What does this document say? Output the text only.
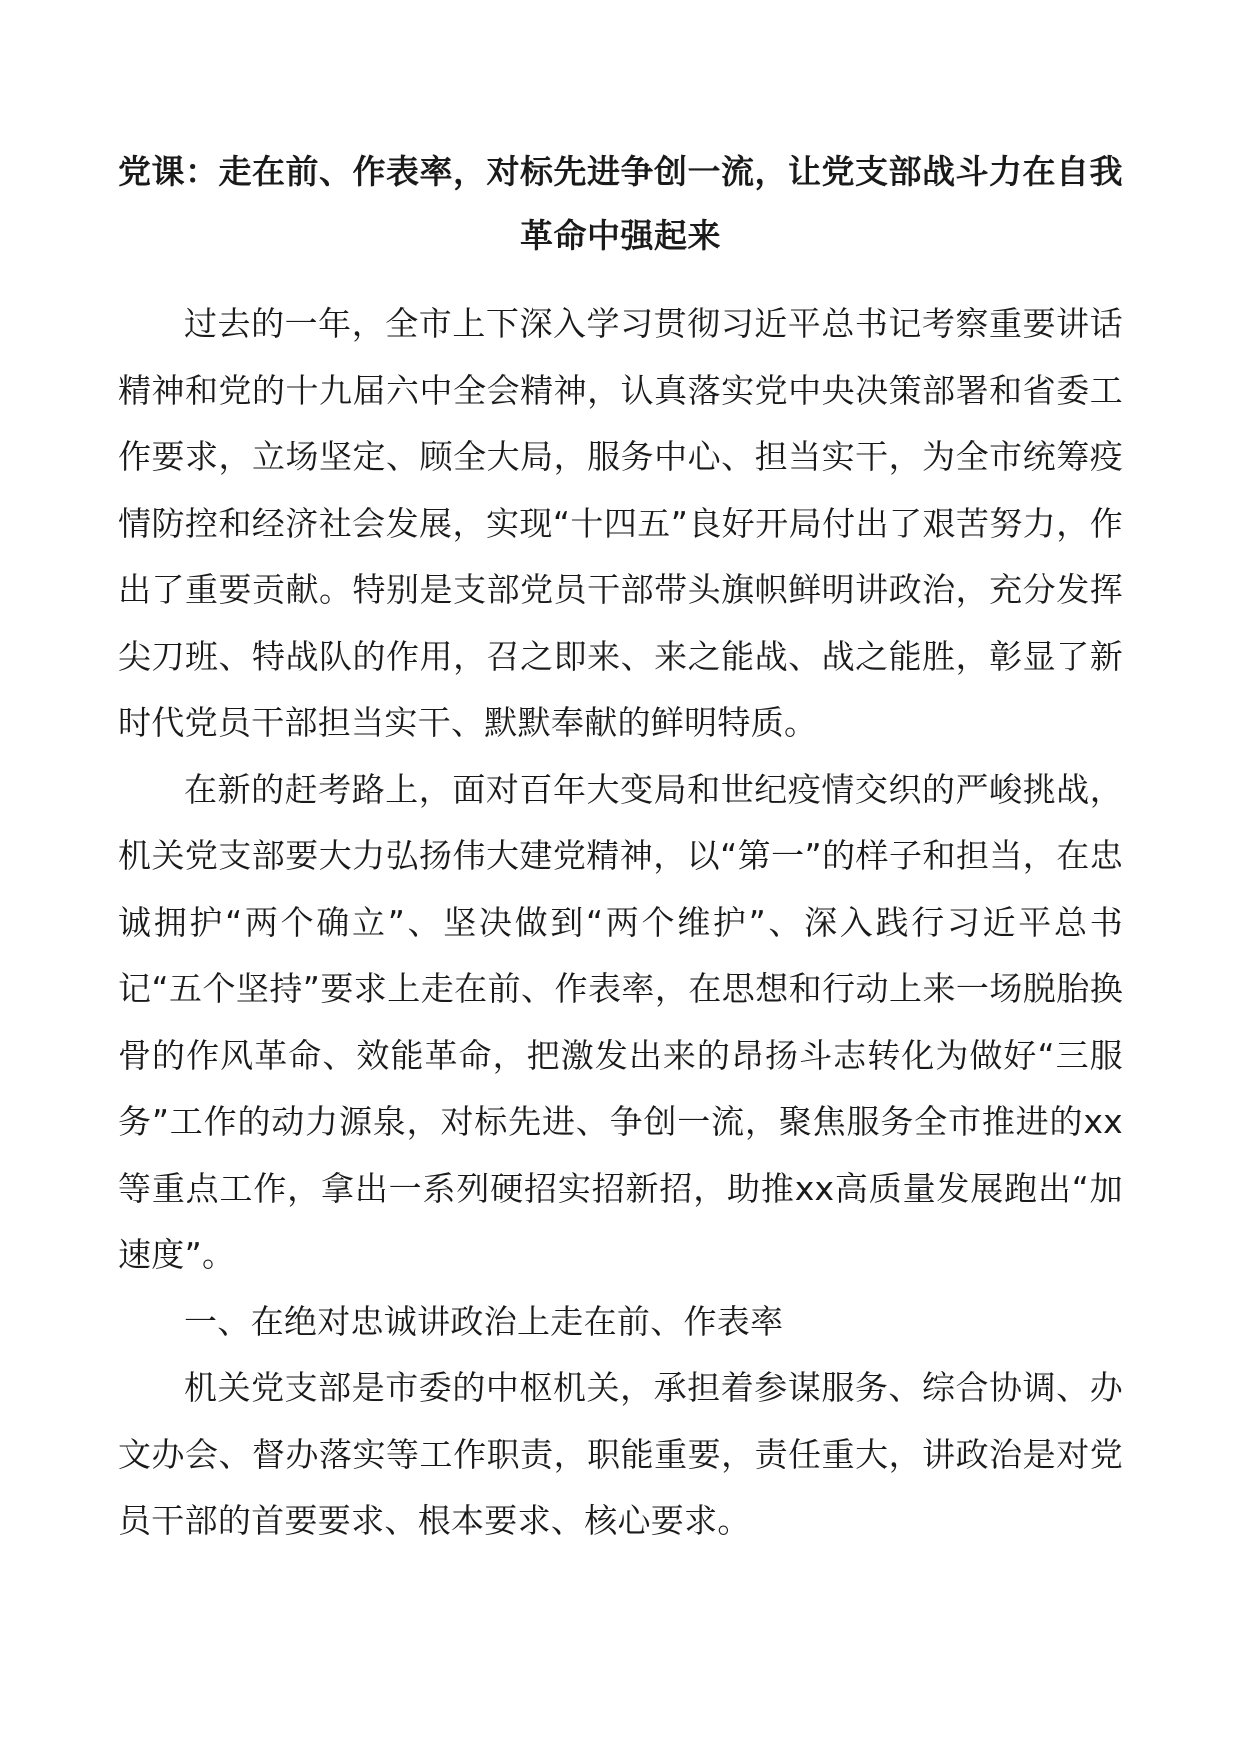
党课：走在前、作表率，对标先进争创一流，让党支部战斗力在自我革命中强起来

过去的一年，全市上下深入学习贯彻习近平总书记考察重要讲话精神和党的十九届六中全会精神，认真落实党中央决策部署和省委工作要求，立场坚定、顾全大局，服务中心、担当实干，为全市统筹疫情防控和经济社会发展，实现“十四五”良好开局付出了艰苦努力，作出了重要贡献。特别是支部党员干部带头旗帜鲜明讲政治，充分发挥尖刀班、特战队的作用，召之即来、来之能战、战之能胜，彰显了新时代党员干部担当实干、默默奉献的鲜明特质。

在新的赶考路上，面对百年大变局和世纪疫情交织的严峻挑战，机关党支部要大力弘扬伟大建党精神，以“第一”的样子和担当，在忠诚拥护“两个确立”、坚决做到“两个维护”、深入践行习近平总书记“五个坚持”要求上走在前、作表率，在思想和行动上来一场脱胎换骨的作风革命、效能革命，把激发出来的昂扬斗志转化为做好“三服务”工作的动力源泉，对标先进、争创一流，聚焦服务全市推进的xx等重点工作，拿出一系列硬招实招新招，助推xx高质量发展跑出“加速度”。

一、在绝对忠诚讲政治上走在前、作表率

机关党支部是市委的中枢机关，承担着参谋服务、综合协调、办文办会、督办落实等工作职责，职能重要，责任重大，讲政治是对党员干部的首要要求、根本要求、核心要求。
